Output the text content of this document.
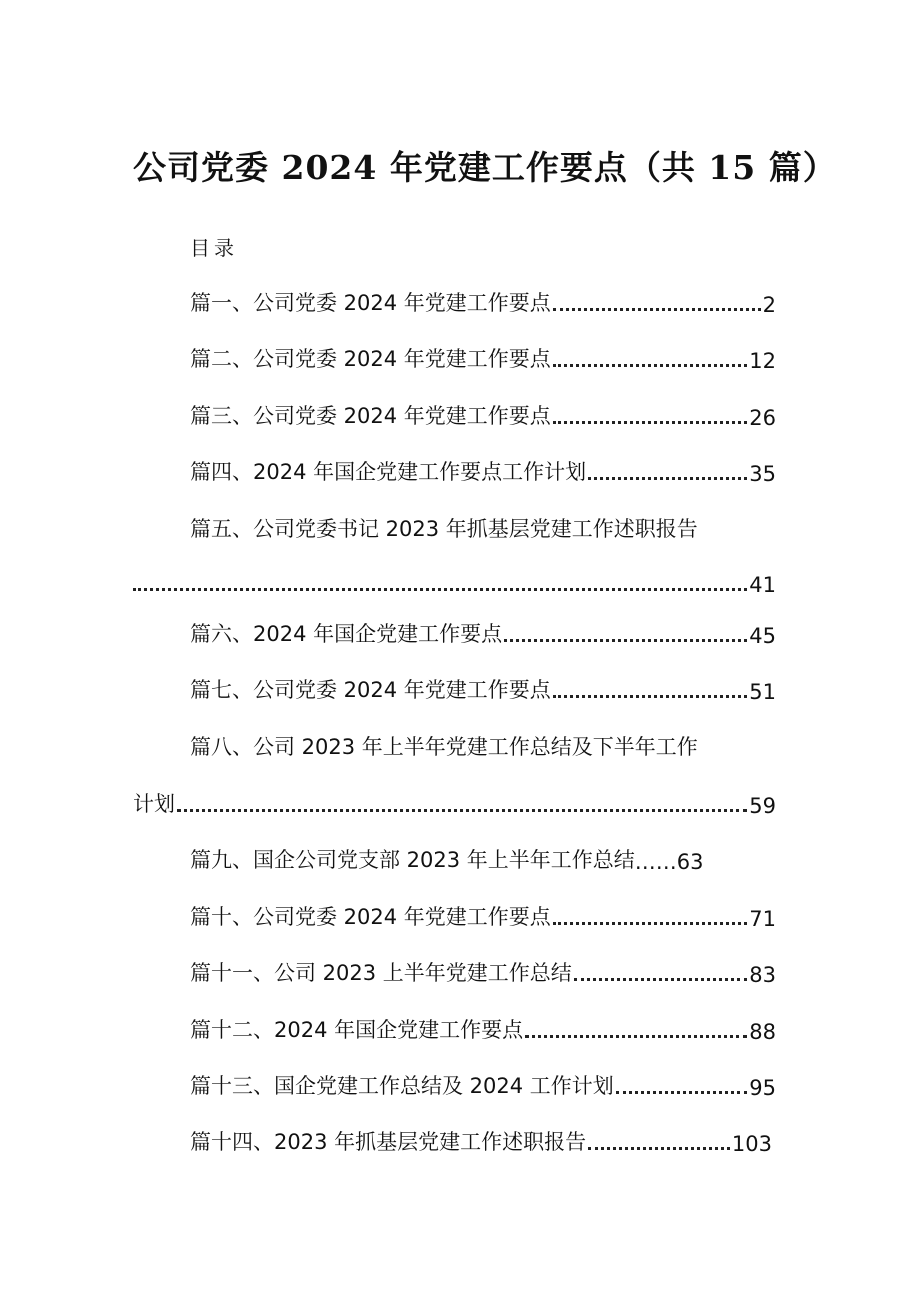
公司党委 2024 年党建工作要点（共 15 篇）
目录
篇一、公司党委 2024 年党建工作要点	2
篇二、公司党委 2024 年党建工作要点	12
篇三、公司党委 2024 年党建工作要点	26
篇四、2024 年国企党建工作要点工作计划	35
篇五、公司党委书记 2023 年抓基层党建工作述职报告
41
篇六、2024 年国企党建工作要点	45
篇七、公司党委 2024 年党建工作要点	51
篇八、公司 2023 年上半年党建工作总结及下半年工作
计划	59
篇九、国企公司党支部 2023 年上半年工作总结 …… 63
篇十、公司党委 2024 年党建工作要点	71
篇十一、公司 2023 上半年党建工作总结	83
篇十二、2024 年国企党建工作要点	88
篇十三、国企党建工作总结及 2024 工作计划	95
篇十四、2023 年抓基层党建工作述职报告	103
